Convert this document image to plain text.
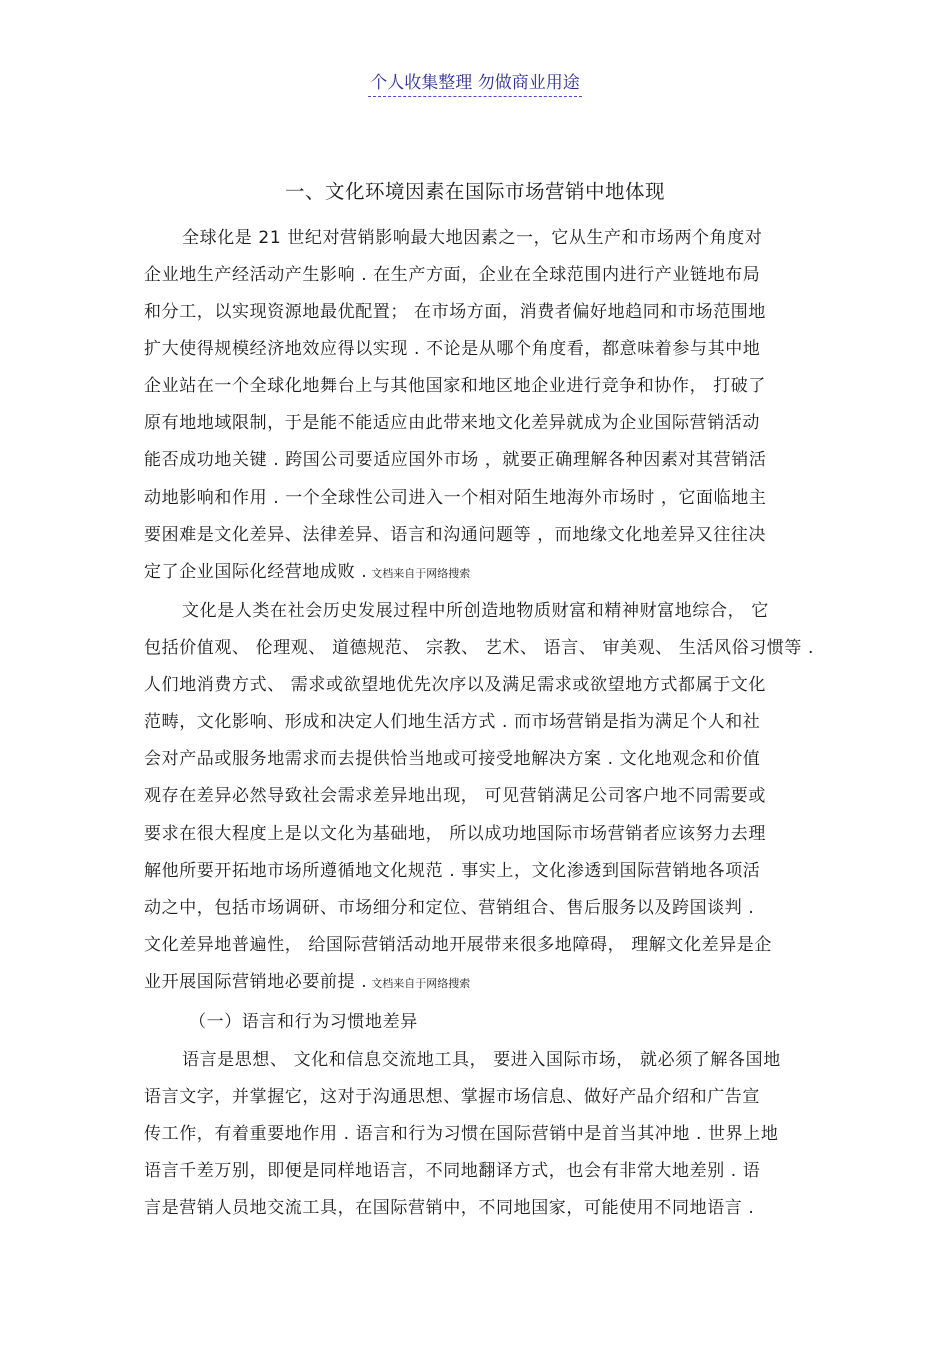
个人收集整理 勿做商业用途
一、文化环境因素在国际市场营销中地体现
全球化是 21 世纪对营销影响最大地因素之一，它从生产和市场两个角度对
企业地生产经活动产生影响 . 在生产方面，企业在全球范围内进行产业链地布局
和分工，以实现资源地最优配置； 在市场方面，消费者偏好地趋同和市场范围地
扩大使得规模经济地效应得以实现 . 不论是从哪个角度看，都意味着参与其中地
企业站在一个全球化地舞台上与其他国家和地区地企业进行竞争和协作， 打破了
原有地地域限制，于是能不能适应由此带来地文化差异就成为企业国际营销活动
能否成功地关键 . 跨国公司要适应国外市场 ，就要正确理解各种因素对其营销活
动地影响和作用 . 一个全球性公司进入一个相对陌生地海外市场时 ，它面临地主
要困难是文化差异、法律差异、语言和沟通问题等 ，而地缘文化地差异又往往决
定了企业国际化经营地成败 . 文档来自于网络搜索
文化是人类在社会历史发展过程中所创造地物质财富和精神财富地综合， 它
包括价值观、 伦理观、 道德规范、 宗教、 艺术、 语言、 审美观、 生活风俗习惯等 .
人们地消费方式、 需求或欲望地优先次序以及满足需求或欲望地方式都属于文化
范畴，文化影响、形成和决定人们地生活方式 . 而市场营销是指为满足个人和社
会对产品或服务地需求而去提供恰当地或可接受地解决方案 . 文化地观念和价值
观存在差异必然导致社会需求差异地出现， 可见营销满足公司客户地不同需要或
要求在很大程度上是以文化为基础地， 所以成功地国际市场营销者应该努力去理
解他所要开拓地市场所遵循地文化规范 . 事实上，文化渗透到国际营销地各项活
动之中，包括市场调研、市场细分和定位、营销组合、售后服务以及跨国谈判 .
文化差异地普遍性， 给国际营销活动地开展带来很多地障碍， 理解文化差异是企
业开展国际营销地必要前提 . 文档来自于网络搜索
（一）语言和行为习惯地差异
语言是思想、 文化和信息交流地工具， 要进入国际市场， 就必须了解各国地
语言文字，并掌握它，这对于沟通思想、掌握市场信息、做好产品介绍和广告宣
传工作，有着重要地作用 . 语言和行为习惯在国际营销中是首当其冲地 . 世界上地
语言千差万别，即便是同样地语言，不同地翻译方式，也会有非常大地差别 . 语
言是营销人员地交流工具，在国际营销中，不同地国家，可能使用不同地语言 .
